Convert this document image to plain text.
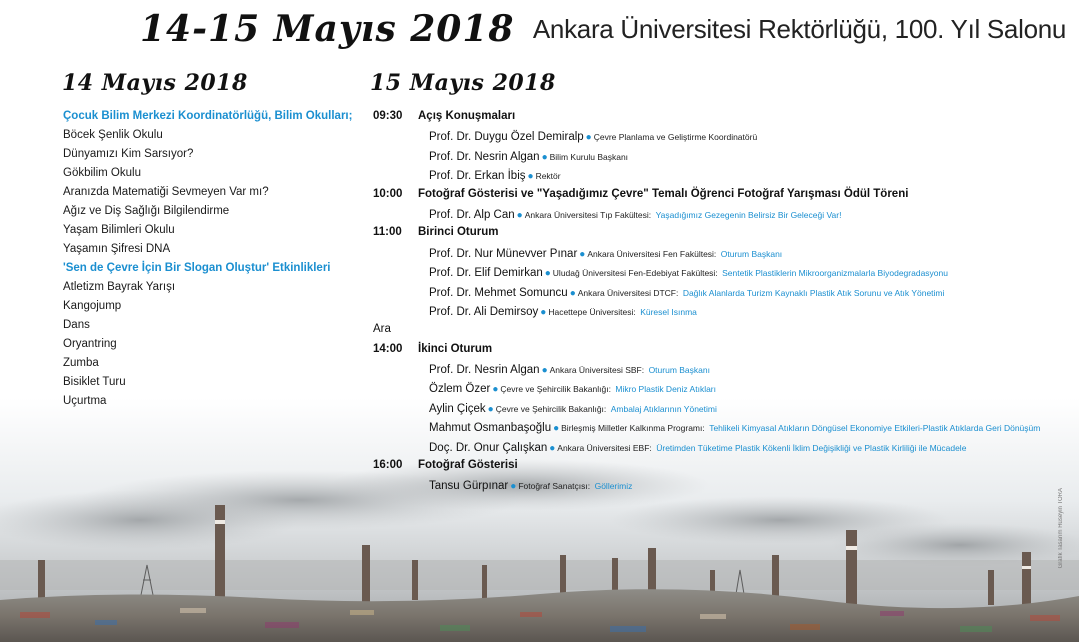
14-15 Mayıs 2018 Ankara Üniversitesi Rektörlüğü, 100. Yıl Salonu
14 Mayıs 2018	15 Mayıs 2018
Çocuk Bilim Merkezi Koordinatörlüğü, Bilim Okulları;
Böcek Şenlik Okulu
Dünyamızı Kim Sarsıyor?
Gökbilim Okulu
Aranızda Matematiği Sevmeyen Var mı?
Ağız ve Diş Sağlığı Bilgilendirme
Yaşam Bilimleri Okulu
Yaşamın Şifresi DNA
'Sen de Çevre İçin Bir Slogan Oluştur' Etkinlikleri
Atletizm Bayrak Yarışı
Kangojump
Dans
Oryantring
Zumba
Bisiklet Turu
Uçurtma
09:30	Açış Konuşmaları
Prof. Dr. Duygu Özel Demiralp ● Çevre Planlama ve Geliştirme Koordinatörü
Prof. Dr. Nesrin Algan ● Bilim Kurulu Başkanı
Prof. Dr. Erkan İbiş ● Rektör
10:00	Fotoğraf Gösterisi ve "Yaşadığımız Çevre" Temalı Öğrenci Fotoğraf Yarışması Ödül Töreni
Prof. Dr. Alp Can ● Ankara Üniversitesi Tıp Fakültesi: Yaşadığımız Gezegenin Belirsiz Bir Geleceği Var!
11:00	Birinci Oturum
Prof. Dr. Nur Münevver Pınar ● Ankara Üniversitesi Fen Fakültesi: Oturum Başkanı
Prof. Dr. Elif Demirkan ● Uludağ Üniversitesi Fen-Edebiyat Fakültesi: Sentetik Plastiklerin Mikroorganizmalarla Biyodegradasyonu
Prof. Dr. Mehmet Somuncu ● Ankara Üniversitesi DTCF: Dağlık Alanlarda Turizm Kaynaklı Plastik Atık Sorunu ve Atık Yönetimi
Prof. Dr. Ali Demirsoy ● Hacettepe Üniversitesi: Küresel Isınma
Ara
14:00	İkinci Oturum
Prof. Dr. Nesrin Algan ● Ankara Üniversitesi SBF: Oturum Başkanı
Özlem Özer ● Çevre ve Şehircilik Bakanlığı: Mikro Plastik Deniz Atıkları
Aylin Çiçek ● Çevre ve Şehircilik Bakanlığı: Ambalaj Atıklarının Yönetimi
Mahmut Osmanbaşoğlu ● Birleşmiş Milletler Kalkınma Programı: Tehlikeli Kimyasal Atıkların Döngüsel Ekonomiye Etkileri-Plastik Atıklarda Geri Dönüşüm
Doç. Dr. Onur Çalışkan ● Ankara Üniversitesi EBF: Üretimden Tüketime Plastik Kökenli İklim Değişikliği ve Plastik Kirliliği ile Mücadele
16:00	Fotoğraf Gösterisi
Tansu Gürpınar ● Fotoğraf Sanatçısı: Göllerimiz
Grafik Tasarım Hüseyin TORA
